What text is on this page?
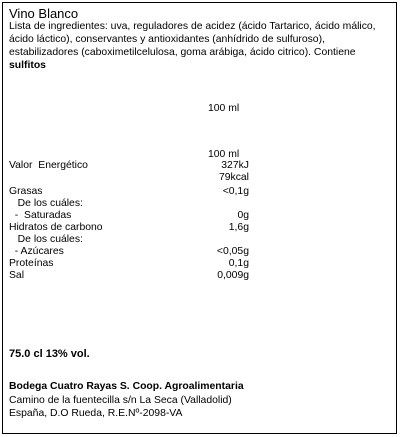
Vino Blanco
Lista de ingredientes: uva, reguladores de acidez (ácido Tartarico, ácido málico, ácido láctico), conservantes y antioxidantes (anhídrido de sulfuroso), estabilizadores (caboximetilcelulosa, goma arábiga, ácido citrico). Contiene sulfitos
100 ml
100 ml
Valor  Energético	327kJ
79kcal
Grasas	<0,1g
De los cuáles:
-  Saturadas	0g
Hidratos de carbono	1,6g
De los cuáles:
- Azúcares	<0,05g
Proteínas	0,1g
Sal	0,009g
75.0 cl 13% vol.
Bodega Cuatro Rayas S. Coop. Agroalimentaria
Camino de la fuentecilla s/n La Seca (Valladolid)
España, D.O Rueda, R.E.Nº-2098-VA
